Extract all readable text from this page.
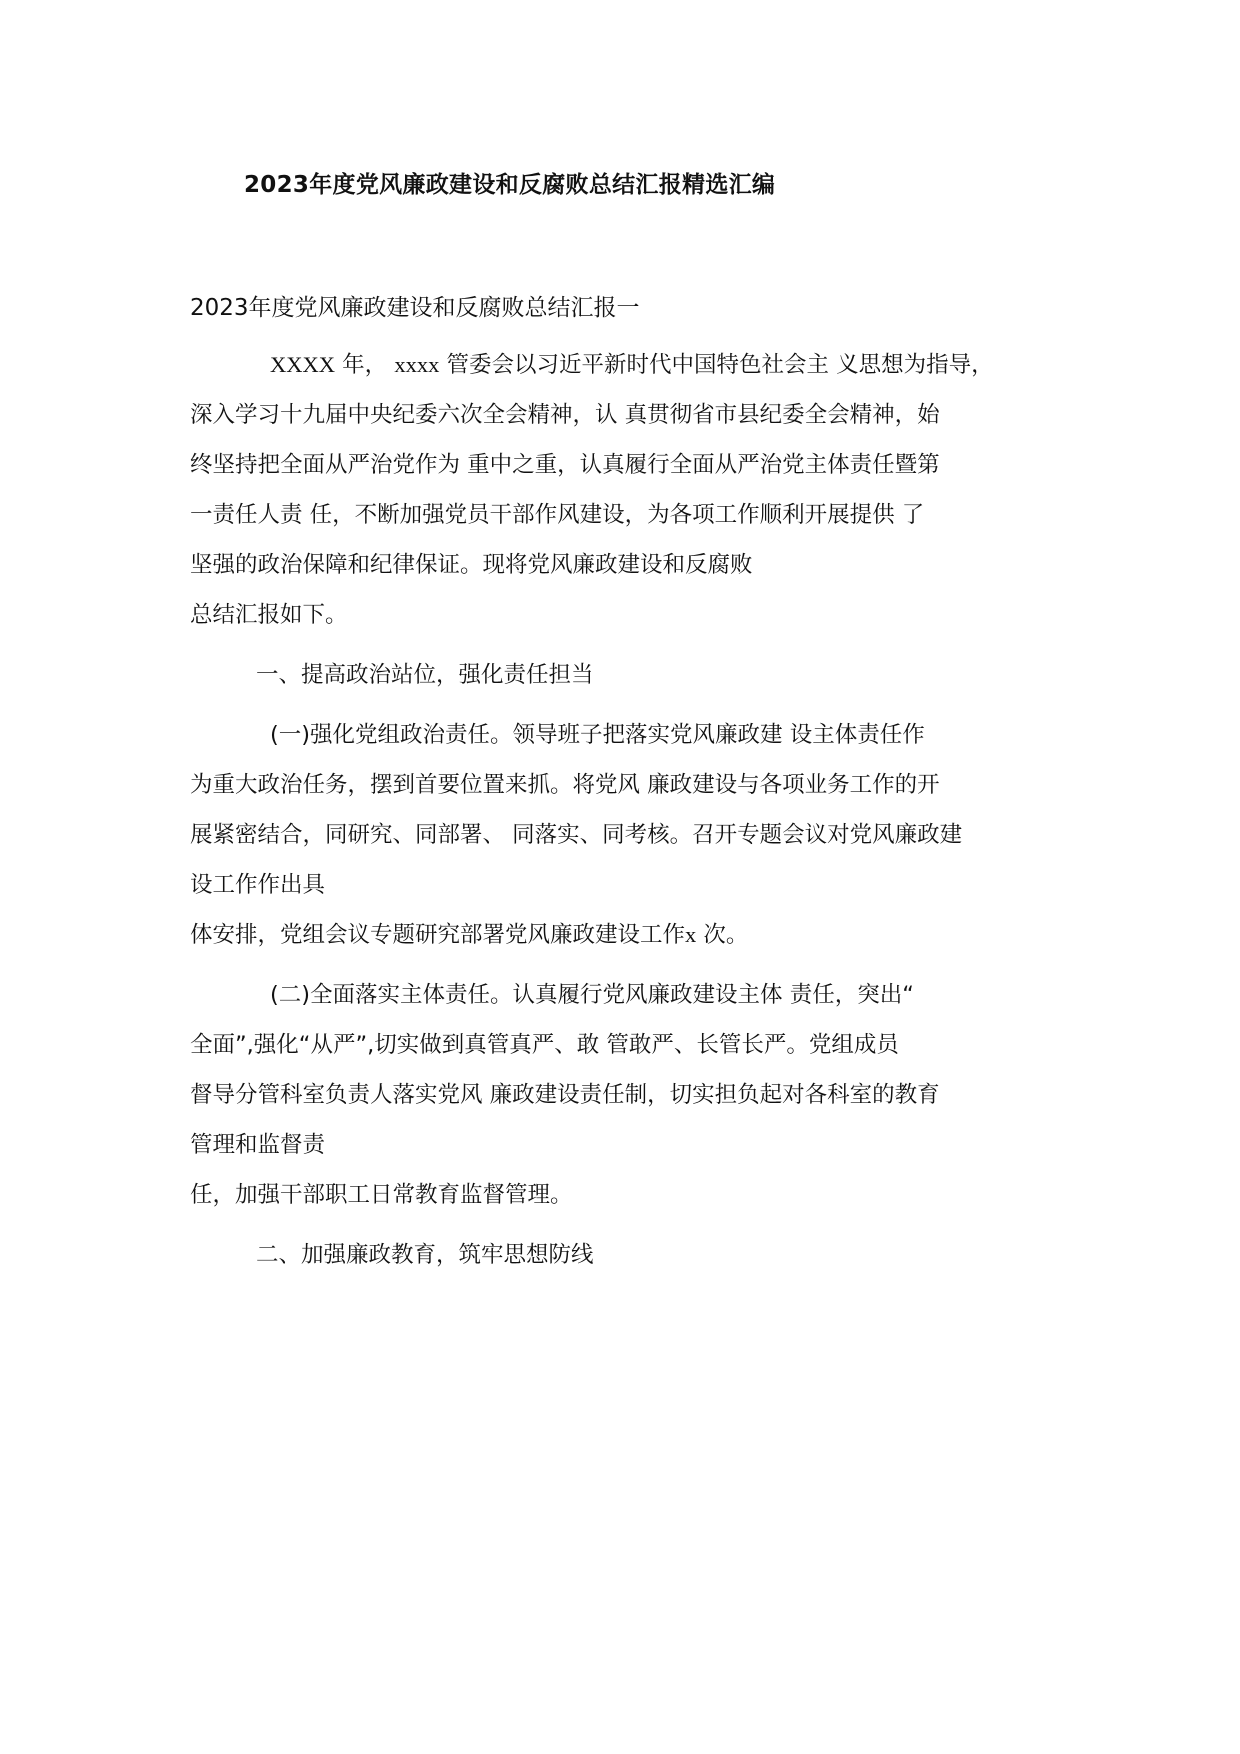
2023年度党风廉政建设和反腐败总结汇报精选汇编
2023年度党风廉政建设和反腐败总结汇报一
XXXX 年， xxxx 管委会以习近平新时代中国特色社会主 义思想为指导，
深入学习十九届中央纪委六次全会精神，认 真贯彻省市县纪委全会精神，始
终坚持把全面从严治党作为 重中之重，认真履行全面从严治党主体责任暨第
一责任人责 任，不断加强党员干部作风建设，为各项工作顺利开展提供 了
坚强的政治保障和纪律保证。现将党风廉政建设和反腐败
总结汇报如下。
一、提高政治站位，强化责任担当
(一)强化党组政治责任。领导班子把落实党风廉政建 设主体责任作
为重大政治任务，摆到首要位置来抓。将党风 廉政建设与各项业务工作的开
展紧密结合，同研究、同部署、 同落实、同考核。召开专题会议对党风廉政建
设工作作出具
体安排，党组会议专题研究部署党风廉政建设工作x 次。
(二)全面落实主体责任。认真履行党风廉政建设主体 责任，突出“
全面”,强化“从严”,切实做到真管真严、敢 管敢严、长管长严。党组成员
督导分管科室负责人落实党风 廉政建设责任制，切实担负起对各科室的教育
管理和监督责
任，加强干部职工日常教育监督管理。
二、加强廉政教育，筑牢思想防线
